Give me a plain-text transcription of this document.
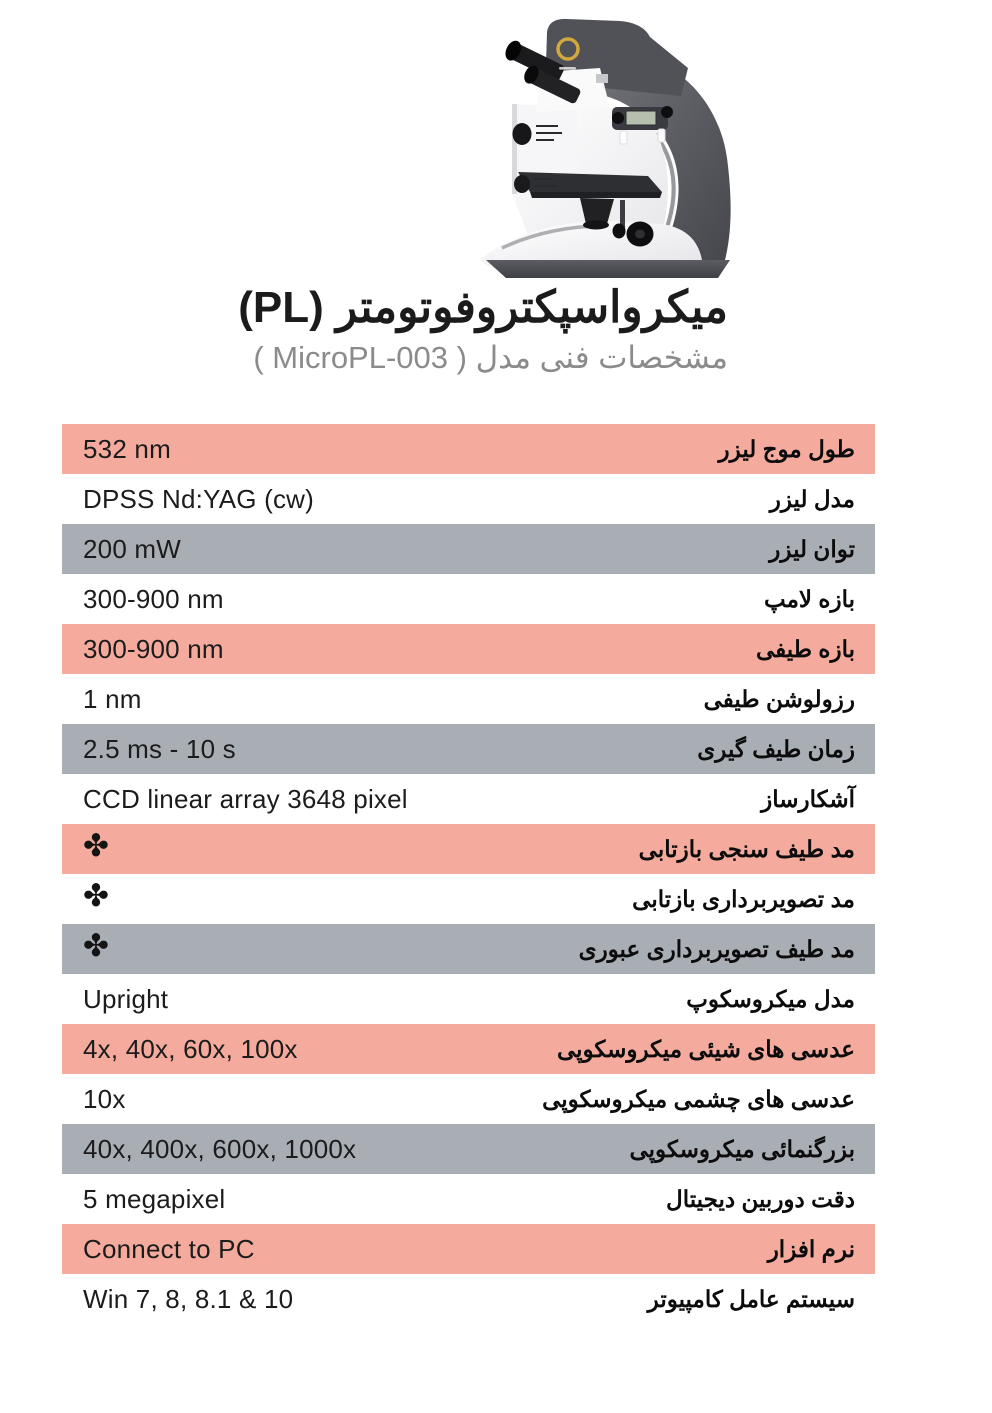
میکرواسپکتروفوتومتر (PL)
مشخصات فنی مدل ( MicroPL-003 )
532 nm	طول موج لیزر
DPSS Nd:YAG (cw)	مدل لیزر
200 mW	توان لیزر
300-900 nm	بازه لامپ
300-900 nm	بازه طیفی
1 nm	رزولوشن طیفی
2.5 ms - 10 s	زمان طیف گیری
CCD linear array 3648 pixel	آشکارساز
✤	مد طیف سنجی بازتابی
✤	مد تصویربرداری بازتابی
✤	مد طیف تصویربرداری عبوری
Upright	مدل میکروسکوپ
4x, 40x, 60x, 100x	عدسی های شیئی میکروسکوپی
10x	عدسی های چشمی میکروسکوپی
40x, 400x, 600x, 1000x	بزرگنمائی میکروسکوپی
5 megapixel	دقت دوربین دیجیتال
Connect to PC	نرم افزار
Win 7, 8, 8.1 & 10	سیستم عامل کامپیوتر
